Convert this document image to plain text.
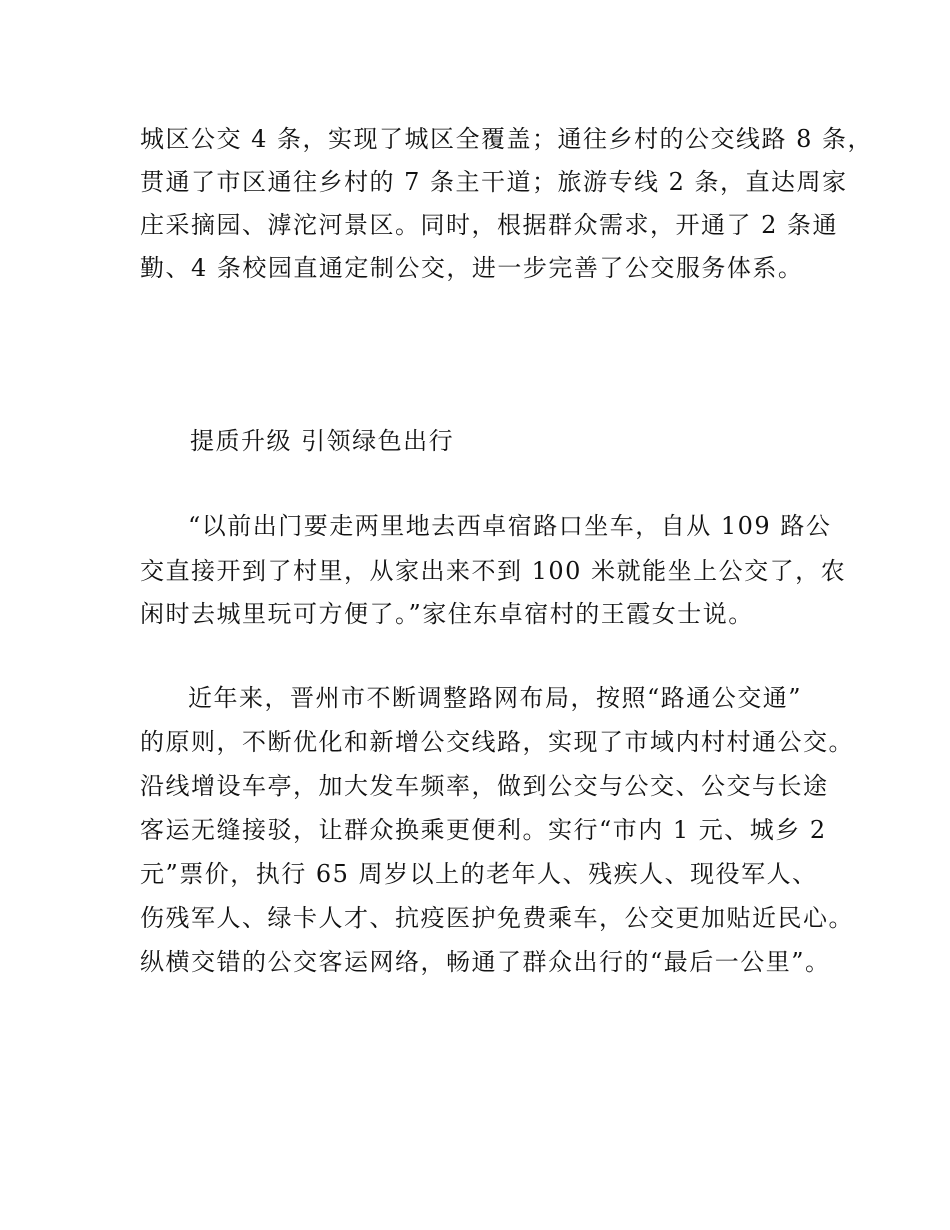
城区公交 4 条，实现了城区全覆盖；通往乡村的公交线路 8 条，
贯通了市区通往乡村的 7 条主干道；旅游专线 2 条，直达周家
庄采摘园、滹沱河景区。同时，根据群众需求，开通了 2 条通
勤、4 条校园直通定制公交，进一步完善了公交服务体系。
提质升级 引领绿色出行
“以前出门要走两里地去西卓宿路口坐车，自从 109 路公
交直接开到了村里，从家出来不到 100 米就能坐上公交了，农
闲时去城里玩可方便了。”家住东卓宿村的王霞女士说。
近年来，晋州市不断调整路网布局，按照“路通公交通”
的原则，不断优化和新增公交线路，实现了市域内村村通公交。
沿线增设车亭，加大发车频率，做到公交与公交、公交与长途
客运无缝接驳，让群众换乘更便利。实行“市内 1 元、城乡 2
元”票价，执行 65 周岁以上的老年人、残疾人、现役军人、
伤残军人、绿卡人才、抗疫医护免费乘车，公交更加贴近民心。
纵横交错的公交客运网络，畅通了群众出行的“最后一公里”。
